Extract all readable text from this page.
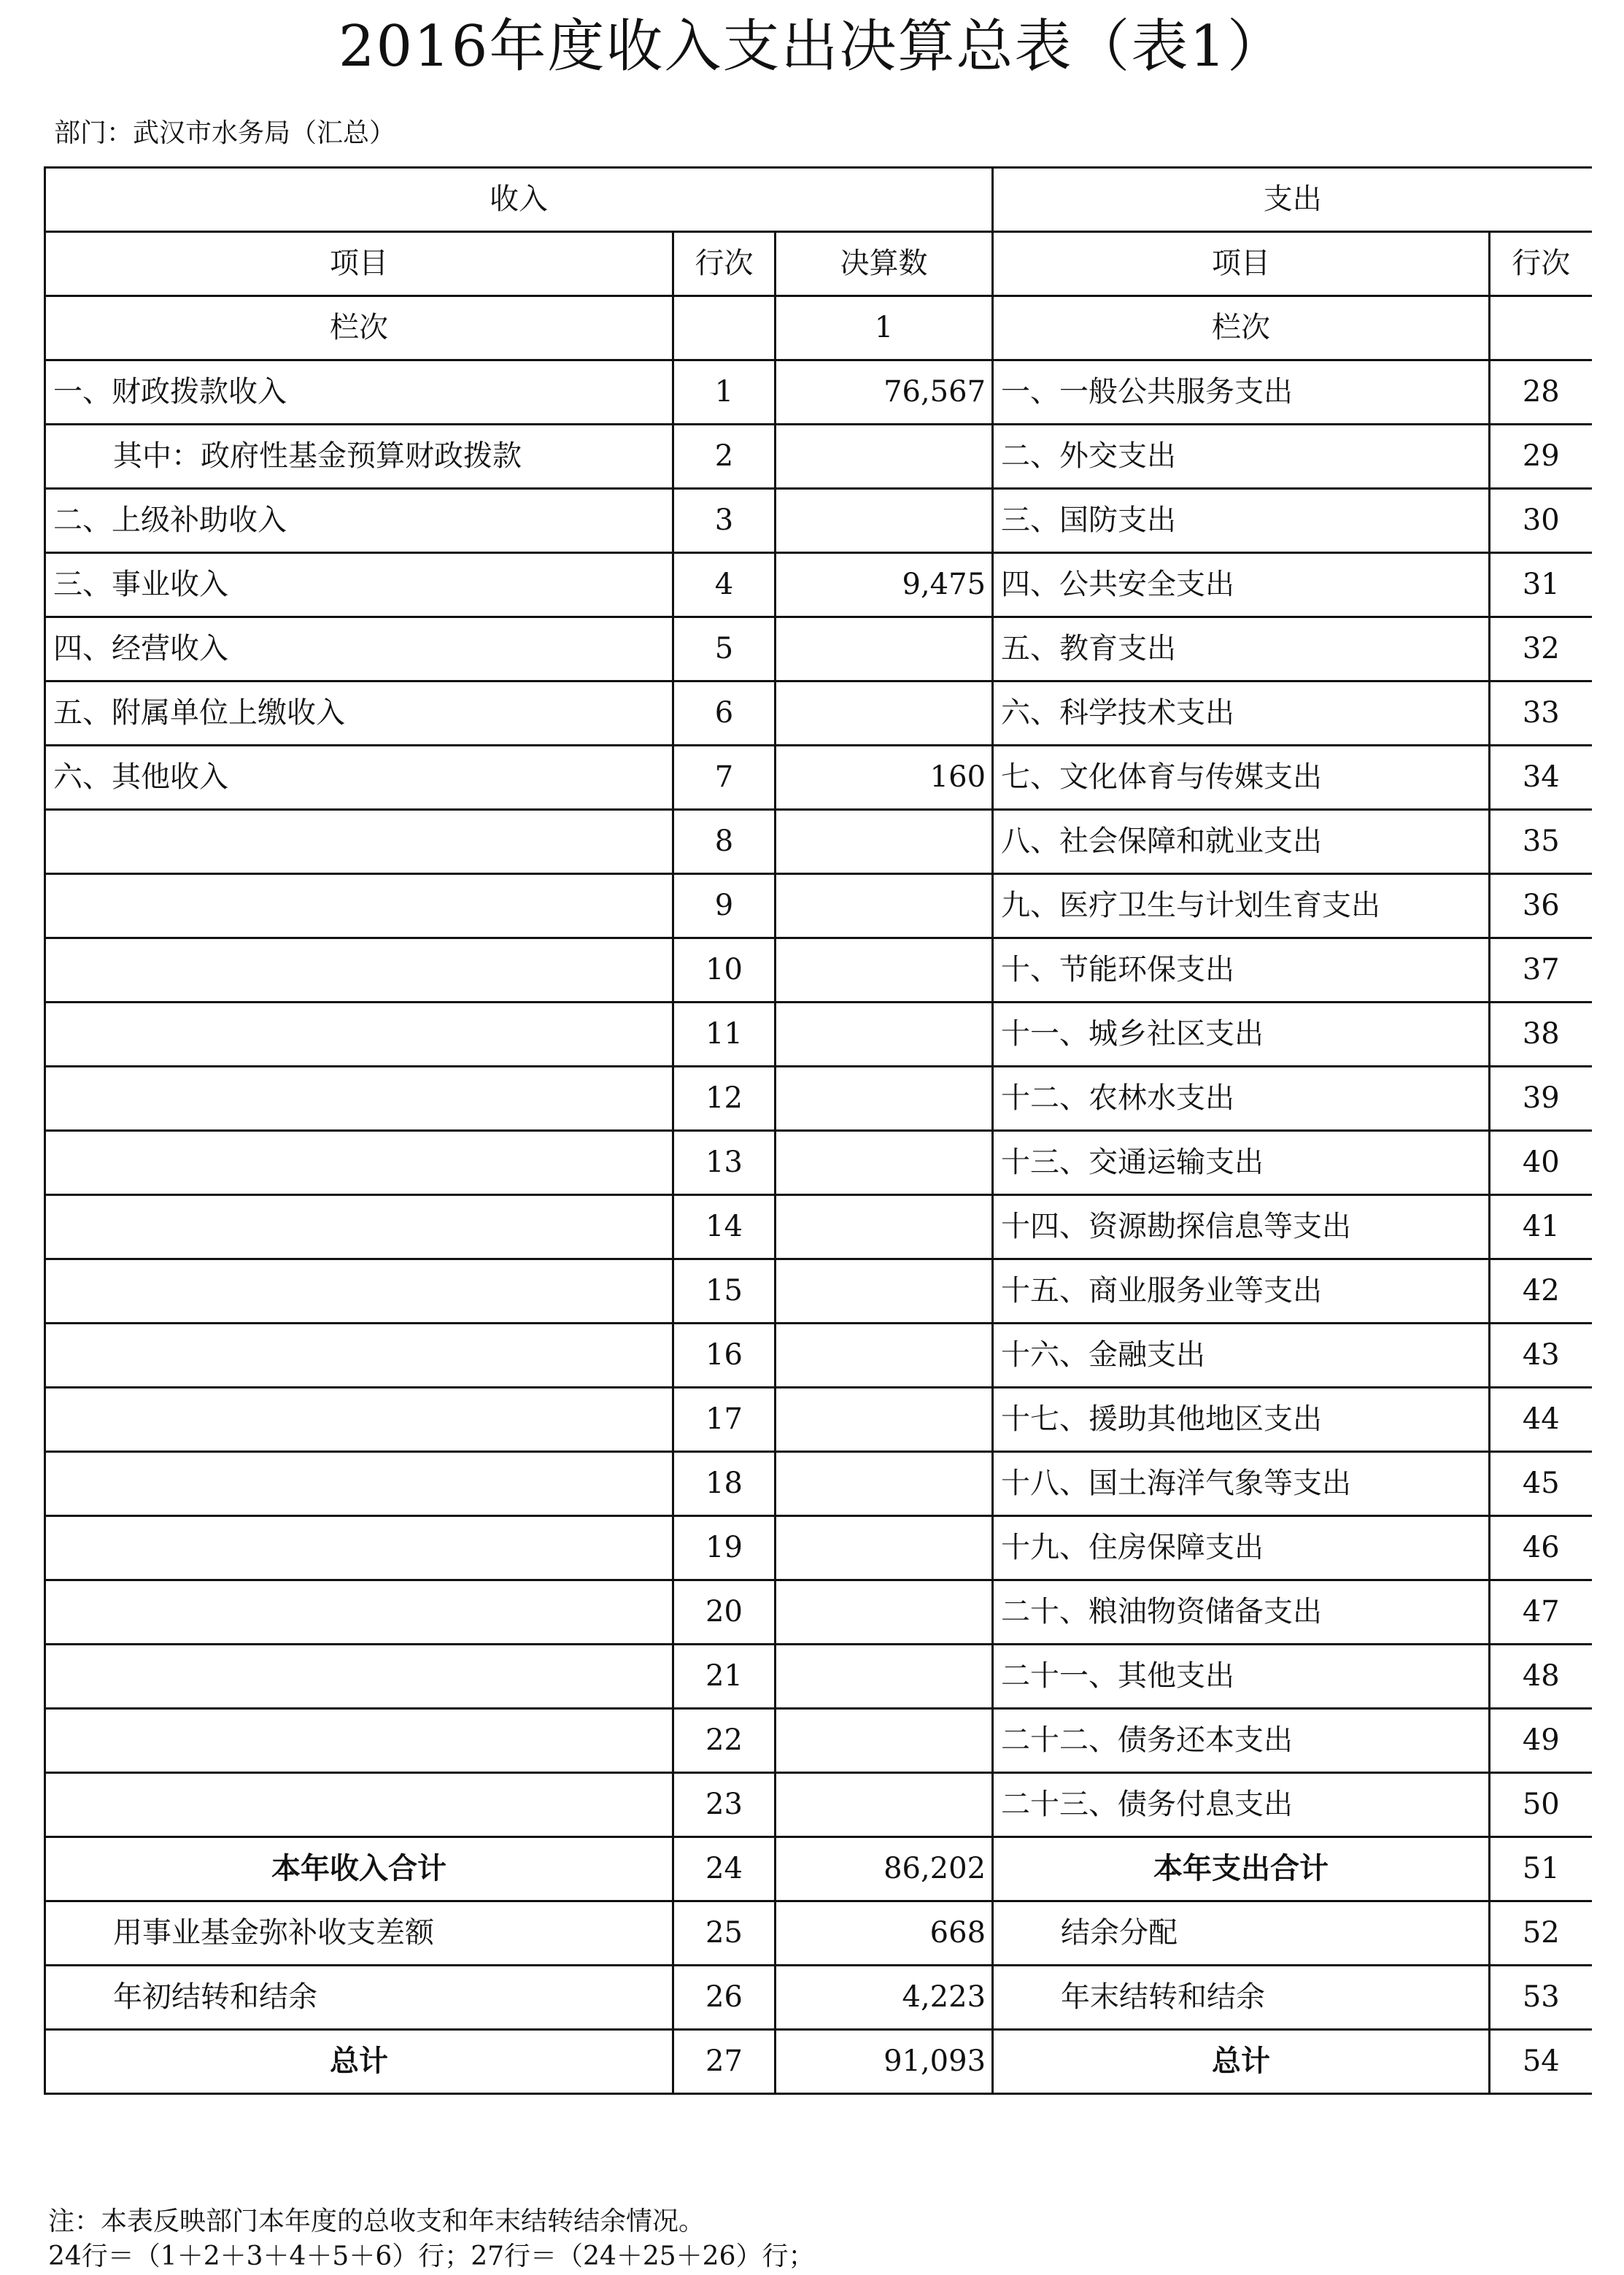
2016年度收入支出决算总表（表1）
部门：武汉市水务局（汇总）
收入			支出	
项目	行次	决算数	项目	行次
栏次		1	栏次	
一、财政拨款收入	1	76,567	一、一般公共服务支出	28
其中：政府性基金预算财政拨款	2		二、外交支出	29
二、上级补助收入	3		三、国防支出	30
三、事业收入	4	9,475	四、公共安全支出	31
四、经营收入	5		五、教育支出	32
五、附属单位上缴收入	6		六、科学技术支出	33
六、其他收入	7	160	七、文化体育与传媒支出	34
	8		八、社会保障和就业支出	35
	9		九、医疗卫生与计划生育支出	36
	10		十、节能环保支出	37
	11		十一、城乡社区支出	38
	12		十二、农林水支出	39
	13		十三、交通运输支出	40
	14		十四、资源勘探信息等支出	41
	15		十五、商业服务业等支出	42
	16		十六、金融支出	43
	17		十七、援助其他地区支出	44
	18		十八、国土海洋气象等支出	45
	19		十九、住房保障支出	46
	20		二十、粮油物资储备支出	47
	21		二十一、其他支出	48
	22		二十二、债务还本支出	49
	23		二十三、债务付息支出	50
本年收入合计	24	86,202	本年支出合计	51
用事业基金弥补收支差额	25	668	结余分配	52
年初结转和结余	26	4,223	年末结转和结余	53
总计	27	91,093	总计	54
注：本表反映部门本年度的总收支和年末结转结余情况。
24行＝（1＋2＋3＋4＋5＋6）行；27行＝（24＋25＋26）行；
